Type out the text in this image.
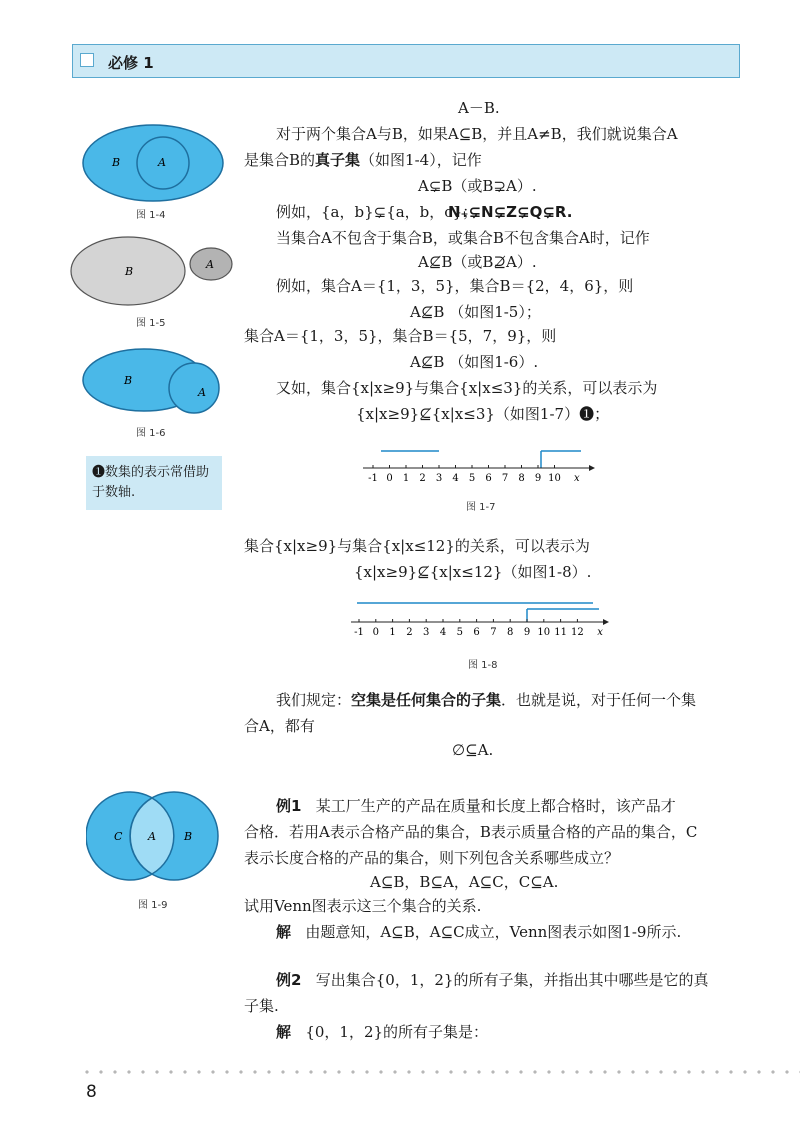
必修 1
A－B.
对于两个集合A与B，如果A⊆B，并且A≠B，我们就说集合A
是集合B的真子集（如图1-4），记作
A⊊B（或B⊋A）.
例如，{a，b}⊊{a，b，c}；
N₊⊊N⊊Z⊊Q⊊R.
当集合A不包含于集合B，或集合B不包含集合A时，记作
A⊈B（或B⊉A）.
例如，集合A＝{1，3，5}，集合B＝{2，4，6}，则
A⊈B （如图1-5）；
集合A＝{1，3，5}，集合B＝{5，7，9}，则
A⊈B （如图1-6）.
又如，集合{x|x≥9}与集合{x|x≤3}的关系，可以表示为
{x|x≥9}⊈{x|x≤3}（如图1-7）❶；
-1 0 1 2 3 4 5 6 7 8 9 10 x
图 1-7
集合{x|x≥9}与集合{x|x≤12}的关系，可以表示为
{x|x≥9}⊈{x|x≤12}（如图1-8）.
-1 0 1 2 3 4 5 6 7 8 9 10 11 12 x
图 1-8
我们规定：空集是任何集合的子集．也就是说，对于任何一个集
合A，都有
∅⊆A.
例1 某工厂生产的产品在质量和长度上都合格时，该产品才
合格．若用A表示合格产品的集合，B表示质量合格的产品的集合，C
表示长度合格的产品的集合，则下列包含关系哪些成立？
A⊆B，B⊆A，A⊆C，C⊆A.
试用Venn图表示这三个集合的关系.
解 由题意知，A⊆B，A⊆C成立，Venn图表示如图1-9所示.
例2 写出集合{0，1，2}的所有子集，并指出其中哪些是它的真
子集.
解 {0，1，2}的所有子集是：
B	A
图 1-4
B
A
图 1-5
B
A
图 1-6
❶数集的表示常借助于数轴.
C A	B
图 1-9
8
